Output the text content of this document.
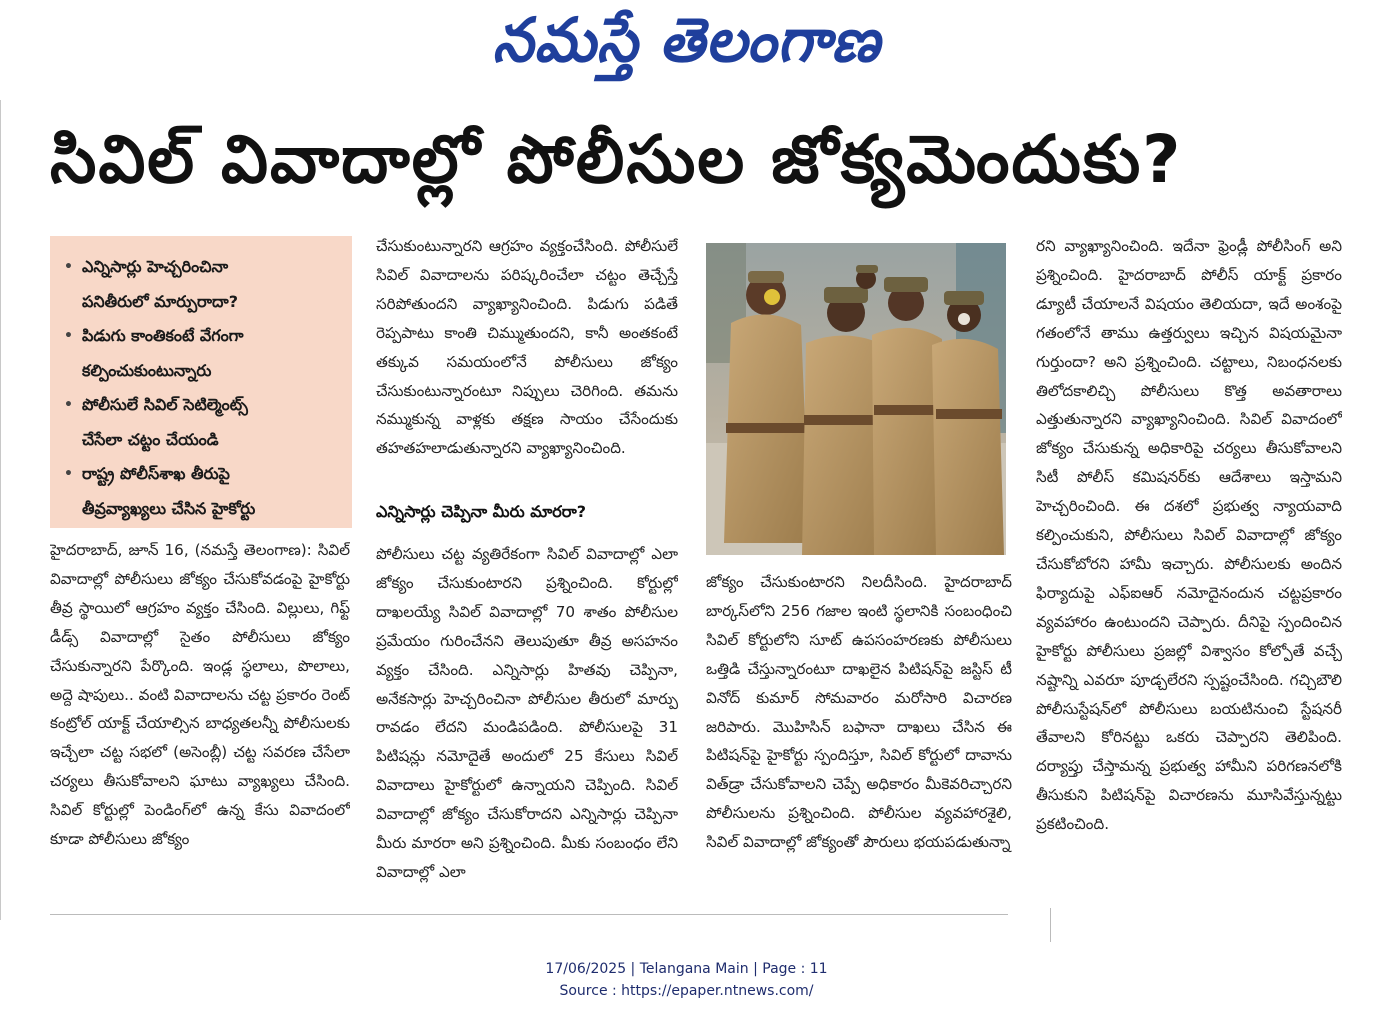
నమస్తే తెలంగాణ
సివిల్ వివాదాల్లో పోలీసుల జోక్యమెందుకు?
• ఎన్నిసార్లు హెచ్చరించినా
పనితీరులో మార్పురాదా?
• పిడుగు కాంతికంటే వేగంగా
కల్పించుకుంటున్నారు
• పోలీసులే సివిల్ సెటిల్మెంట్స్
చేసేలా చట్టం చేయండి
• రాష్ట్ర పోలీస్‌శాఖ తీరుపై
తీవ్రవ్యాఖ్యలు చేసిన హైకోర్టు
హైదరాబాద్, జూన్ 16, (నమస్తే తెలంగాణ): సివిల్ వివాదాల్లో పోలీసులు జోక్యం చేసుకోవడంపై హైకోర్టు తీవ్ర స్థాయిలో ఆగ్రహం వ్యక్తం చేసింది. విల్లులు, గిఫ్ట్ డీడ్స్ వివాదాల్లో సైతం పోలీసులు జోక్యం చేసుకున్నారని పేర్కొంది. ఇండ్ల స్థలాలు, పొలాలు, అద్దె షాపులు.. వంటి వివాదాలను చట్ట ప్రకారం రెంట్ కంట్రోల్ యాక్ట్ చేయాల్సిన బాధ్యతలన్నీ పోలీసులకు ఇచ్చేలా చట్ట సభలో (అసెంబ్లీ) చట్ట సవరణ చేసేలా చర్యలు తీసుకోవాలని ఘాటు వ్యాఖ్యలు చేసింది. సివిల్ కోర్టుల్లో పెండింగ్‌లో ఉన్న కేసు వివాదంలో కూడా పోలీసులు జోక్యం
చేసుకుంటున్నారని ఆగ్రహం వ్యక్తంచేసింది. పోలీసులే సివిల్ వివాదాలను పరిష్కరించేలా చట్టం తెచ్చేస్తే సరిపోతుందని వ్యాఖ్యానించింది. పిడుగు పడితే రెప్పపాటు కాంతి చిమ్ముతుందని, కానీ అంతకంటే తక్కువ సమయంలోనే పోలీసులు జోక్యం చేసుకుంటున్నారంటూ నిప్పులు చెరిగింది. తమను నమ్ముకున్న వాళ్లకు తక్షణ సాయం చేసేందుకు తహతహలాడుతున్నారని వ్యాఖ్యానించింది.
ఎన్నిసార్లు చెప్పినా మీరు మారరా?
పోలీసులు చట్ట వ్యతిరేకంగా సివిల్ వివాదాల్లో ఎలా జోక్యం చేసుకుంటారని ప్రశ్నించింది. కోర్టుల్లో దాఖలయ్యే సివిల్ వివాదాల్లో 70 శాతం పోలీసుల ప్రమేయం గురించేనని తెలుపుతూ తీవ్ర అసహనం వ్యక్తం చేసింది. ఎన్నిసార్లు హితవు చెప్పినా, అనేకసార్లు హెచ్చరించినా పోలీసుల తీరులో మార్పు రావడం లేదని మండిపడింది. పోలీసులపై 31 పిటిషన్లు నమోదైతే అందులో 25 కేసులు సివిల్ వివాదాలు హైకోర్టులో ఉన్నాయని చెప్పింది. సివిల్ వివాదాల్లో జోక్యం చేసుకోరాదని ఎన్నిసార్లు చెప్పినా మీరు మారరా అని ప్రశ్నించింది. మీకు సంబంధం లేని వివాదాల్లో ఎలా
జోక్యం చేసుకుంటారని నిలదీసింది. హైదరాబాద్ బార్కస్‌లోని 256 గజాల ఇంటి స్థలానికి సంబంధించి సివిల్ కోర్టులోని సూట్ ఉపసంహరణకు పోలీసులు ఒత్తిడి చేస్తున్నారంటూ దాఖలైన పిటిషన్‌పై జస్టిస్ టీ వినోద్ కుమార్ సోమవారం మరోసారి విచారణ జరిపారు. మొహిసిన్ బఫానా దాఖలు చేసిన ఈ పిటిషన్‌పై హైకోర్టు స్పందిస్తూ, సివిల్ కోర్టులో దావాను విత్‌డ్రా చేసుకోవాలని చెప్పే అధికారం మీకెవరిచ్చారని పోలీసులను ప్రశ్నించింది. పోలీసుల వ్యవహారశైలి, సివిల్ వివాదాల్లో జోక్యంతో పౌరులు భయపడుతున్నా
రని వ్యాఖ్యానించింది. ఇదేనా ఫ్రెండ్లీ పోలీసింగ్ అని ప్రశ్నించింది. హైదరాబాద్ పోలీస్ యాక్ట్ ప్రకారం డ్యూటీ చేయాలనే విషయం తెలియదా, ఇదే అంశంపై గతంలోనే తాము ఉత్తర్వులు ఇచ్చిన విషయమైనా గుర్తుందా? అని ప్రశ్నించింది. చట్టాలు, నిబంధనలకు తిలోదకాలిచ్చి పోలీసులు కొత్త అవతారాలు ఎత్తుతున్నారని వ్యాఖ్యానించింది. సివిల్ వివాదంలో జోక్యం చేసుకున్న అధికారిపై చర్యలు తీసుకోవాలని సిటీ పోలీస్ కమిషనర్‌కు ఆదేశాలు ఇస్తామని హెచ్చరించింది. ఈ దశలో ప్రభుత్వ న్యాయవాది కల్పించుకుని, పోలీసులు సివిల్ వివాదాల్లో జోక్యం చేసుకోబోరని హామీ ఇచ్చారు. పోలీసులకు అందిన ఫిర్యాదుపై ఎఫ్ఐఆర్ నమోదైనందున చట్టప్రకారం వ్యవహారం ఉంటుందని చెప్పారు. దీనిపై స్పందించిన హైకోర్టు పోలీసులు ప్రజల్లో విశ్వాసం కోల్పోతే వచ్చే నష్టాన్ని ఎవరూ పూడ్చలేరని స్పష్టంచేసింది. గచ్చిబౌలి పోలీసుస్టేషన్‌లో పోలీసులు బయటినుంచి స్టేషనరీ తేవాలని కోరినట్టు ఒకరు చెప్పారని తెలిపింది. దర్యాప్తు చేస్తామన్న ప్రభుత్వ హామీని పరిగణనలోకి తీసుకుని పిటిషన్‌పై విచారణను మూసివేస్తున్నట్టు ప్రకటించింది.
17/06/2025 | Telangana Main | Page : 11
Source : https://epaper.ntnews.com/
